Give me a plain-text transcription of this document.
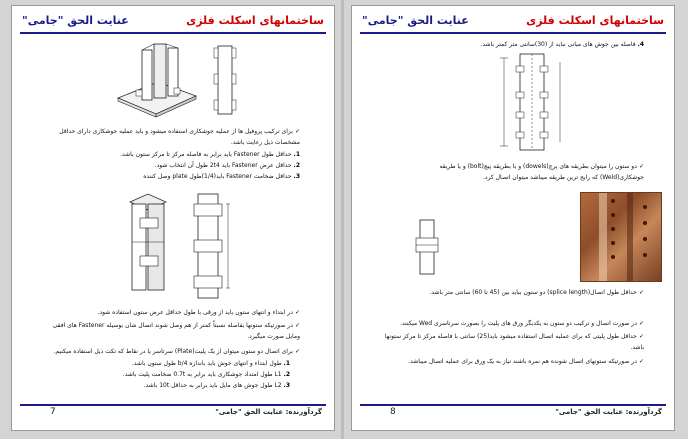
ساختمانهای اسکلت فلزی
عنایت الحق "جامی"
✓ برای ترکیب پروفیل ها از عملیه جوشکاری استفاده میشود و باید عملیه جوشکاری دارای حداقل
مشخصات ذیل رعایت باشد.
1. حداقل طول Fastener باید برابر به فاصله مرکز تا مرکز ستون باشد.
2. حداقل عرض Fastener باید 2t4 طول آن انتخاب شود.
3. حداقل ضخامت Fastener باید(1/4)طول plate وصل کننده
✓ در ابتداء و انتهای ستون باید از ورقی با طول حداقل عرض ستون استفاده شود.
✓ در صورتیکه ستونها بفاصله نسبتاً کمتر از هم وصل شوند اتصال شان بوسیله Fastener های افقی
ومایل صورت میگیرد.
✓ برای اتصال دو ستون میتوان از یک پلیت(Plate) سرتاسر یا در نقاط که تکت ذیل استفاده میکنیم.
1. طول ابتداء و انتهای جوش باید باندازه b/4 طول ستون باشد.
2. L1 طول امتداد جوشکاری باید برابر به 0.7t ضخامت پلیت باشد.
3. L2 طول جوش های مایل باید برابر به حداقل 10t باشد.
گردآورنده: عنایت الحق "جامی"
7
ساختمانهای اسکلت فلزی
عنایت الحق "جامی"
4. فاصله بین جوش های میانی نباید از (30)سانتی متر کمتر باشد.
✓ دو ستون را میتوان بطریقه های پرچ(dowels) و یا بطریقه پیچ(bolt) و یا طریقه
جوشکاری(Weld) که رایج ترین طریقه میباشد میتوان اتصال کرد.
✓ حداقل طول اتصال(splice length) دو ستون بباید بین (45 تا 60) سانتی متر باشد.
✓ در صورت اتصال و ترکیب دو ستون به یکدیگر ورق های پلیت را بصورت سرتاسری Wed میکنند.
✓ حداقل طول پلیتی که برای عملیه اتصال استفاده میشود باید(25) سانتی با فاصله مرکز تا مرکز ستونها
باشد.
✓ در صورتیکه ستونهای اتصال شونده هم نمره باشند نیاز به یک ورق برای عملیه اتصال میباشد.
گردآورنده: عنایت الحق "جامی"
8
